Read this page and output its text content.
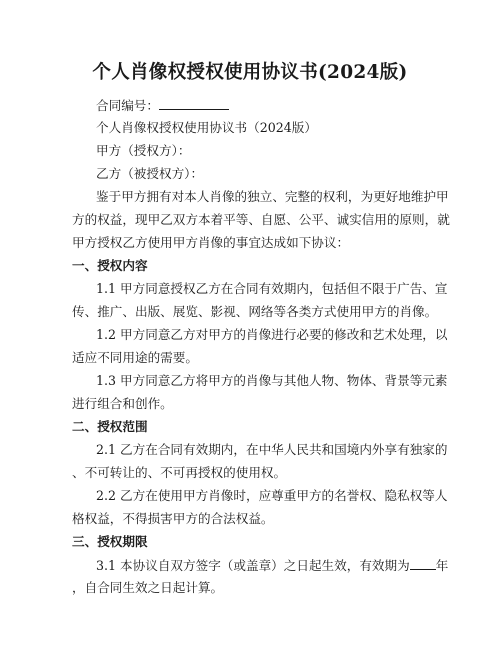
个人肖像权授权使用协议书(2024版)
合同编号：
个人肖像权授权使用协议书（2024版）
甲方（授权方）：
乙方（被授权方）：
鉴于甲方拥有对本人肖像的独立、完整的权利，为更好地维护甲
方的权益，现甲乙双方本着平等、自愿、公平、诚实信用的原则，就
甲方授权乙方使用甲方肖像的事宜达成如下协议：
一、授权内容
1.1 甲方同意授权乙方在合同有效期内，包括但不限于广告、宣
传、推广、出版、展览、影视、网络等各类方式使用甲方的肖像。
1.2 甲方同意乙方对甲方的肖像进行必要的修改和艺术处理，以
适应不同用途的需要。
1.3 甲方同意乙方将甲方的肖像与其他人物、物体、背景等元素
进行组合和创作。
二、授权范围
2.1 乙方在合同有效期内，在中华人民共和国境内外享有独家的
、不可转让的、不可再授权的使用权。
2.2 乙方在使用甲方肖像时，应尊重甲方的名誉权、隐私权等人
格权益，不得损害甲方的合法权益。
三、授权期限
3.1 本协议自双方签字（或盖章）之日起生效，有效期为 年
，自合同生效之日起计算。
